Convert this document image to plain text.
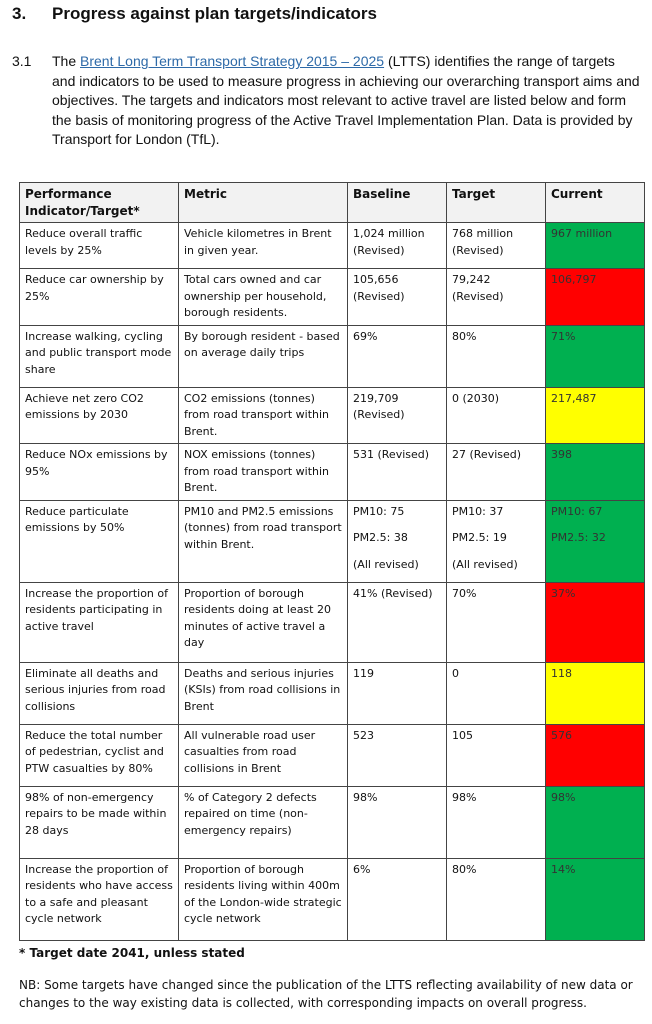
3. Progress against plan targets/indicators
3.1 The Brent Long Term Transport Strategy 2015 – 2025 (LTTS) identifies the range of targets and indicators to be used to measure progress in achieving our overarching transport aims and objectives. The targets and indicators most relevant to active travel are listed below and form the basis of monitoring progress of the Active Travel Implementation Plan. Data is provided by Transport for London (TfL).
Performance Indicator/Target*	Metric	Baseline	Target	Current
Reduce overall traffic levels by 25%	Vehicle kilometres in Brent in given year.	1,024 million (Revised)	768 million (Revised)	967 million

Reduce car ownership by 25%	Total cars owned and car ownership per household, borough residents.	105,656 (Revised)	79,242 (Revised)	106,797

Increase walking, cycling and public transport mode share	By borough resident - based on average daily trips	69%	80%	71%

Achieve net zero CO2 emissions by 2030	CO2 emissions (tonnes) from road transport within Brent.	219,709 (Revised)	0 (2030)	217,487

Reduce NOx emissions by 95%	NOX emissions (tonnes) from road transport within Brent.	531 (Revised)	27 (Revised)	398

Reduce particulate emissions by 50%	PM10 and PM2.5 emissions (tonnes) from road transport within Brent.	PM10: 75
PM2.5: 38
(All revised)	PM10: 37
PM2.5: 19
(All revised)	PM10: 67
PM2.5: 32

Increase the proportion of residents participating in active travel	Proportion of borough residents doing at least 20 minutes of active travel a day	41% (Revised)	70%	37%

Eliminate all deaths and serious injuries from road collisions	Deaths and serious injuries (KSIs) from road collisions in Brent	119	0	118

Reduce the total number of pedestrian, cyclist and PTW casualties by 80%	All vulnerable road user casualties from road collisions in Brent	523	105	576

98% of non-emergency repairs to be made within 28 days	% of Category 2 defects repaired on time (non-emergency repairs)	98%	98%	98%

Increase the proportion of residents who have access to a safe and pleasant cycle network	Proportion of borough residents living within 400m of the London-wide strategic cycle network	6%	80%	14%
* Target date 2041, unless stated
NB: Some targets have changed since the publication of the LTTS reflecting availability of new data or changes to the way existing data is collected, with corresponding impacts on overall progress.
